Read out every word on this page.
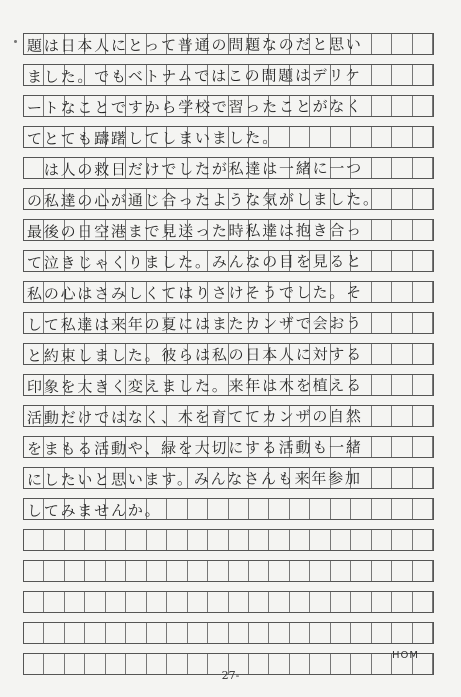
題は日本人にとって普通の問題なのだと思い
ました。でもベトナムではこの問題はデリケ
ートなことですから学校で習ったことがなく
てとても躊躇してしまいました。
　は人の救日だけでしたが私達は一緒に一つ
の私達の心が通じ合ったような気がしました。
最後の日空港まで見送った時私達は抱き合っ
て泣きじゃくりました。みんなの目を見ると
私の心はさみしくてはりさけそうでした。そ
して私達は来年の夏にはまたカンザで会おう
と約束しました。彼らは私の日本人に対する
印象を大きく変えました。来年は木を植える
活動だけではなく、木を育ててカンザの自然
をまもる活動や、緑を大切にする活動も一緒
にしたいと思います。みんなさんも来年参加
してみませんか。
HOM
27-
